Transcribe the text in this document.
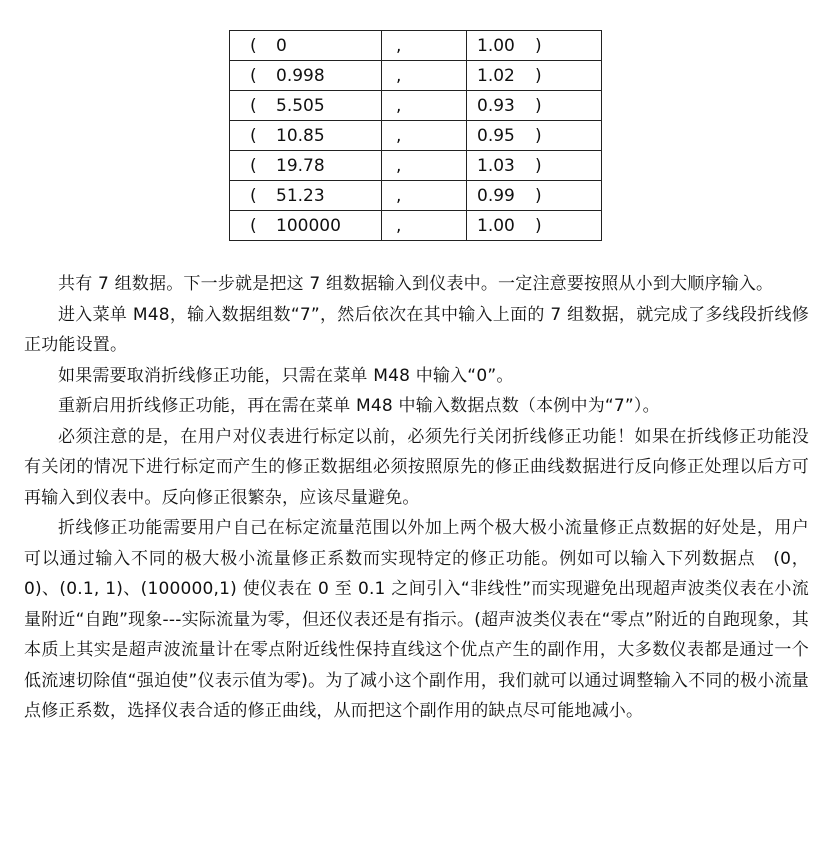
( 0	,	1.00 )
( 0.998	,	1.02 )
( 5.505	,	0.93 )
( 10.85	,	0.95 )
( 19.78	,	1.03 )
( 51.23	,	0.99 )
( 100000	,	1.00 )

共有 7 组数据。下一步就是把这 7 组数据输入到仪表中。一定注意要按照从小到大顺序输入。

进入菜单 M48，输入数据组数“7”，然后依次在其中输入上面的 7 组数据，就完成了多线段折线修正功能设置。

如果需要取消折线修正功能，只需在菜单 M48 中输入“0”。

重新启用折线修正功能，再在需在菜单 M48 中输入数据点数（本例中为“7”）。

必须注意的是，在用户对仪表进行标定以前，必须先行关闭折线修正功能！如果在折线修正功能没有关闭的情况下进行标定而产生的修正数据组必须按照原先的修正曲线数据进行反向修正处理以后方可再输入到仪表中。反向修正很繁杂，应该尽量避免。

折线修正功能需要用户自己在标定流量范围以外加上两个极大极小流量修正点数据的好处是，用户可以通过输入不同的极大极小流量修正系数而实现特定的修正功能。例如可以输入下列数据点　(0，0)、(0.1, 1)、(100000,1) 使仪表在 0 至 0.1 之间引入“非线性”而实现避免出现超声波类仪表在小流量附近“自跑”现象---实际流量为零，但还仪表还是有指示。(超声波类仪表在“零点”附近的自跑现象，其本质上其实是超声波流量计在零点附近线性保持直线这个优点产生的副作用，大多数仪表都是通过一个低流速切除值“强迫使”仪表示值为零)。为了减小这个副作用，我们就可以通过调整输入不同的极小流量点修正系数，选择仪表合适的修正曲线，从而把这个副作用的缺点尽可能地减小。
